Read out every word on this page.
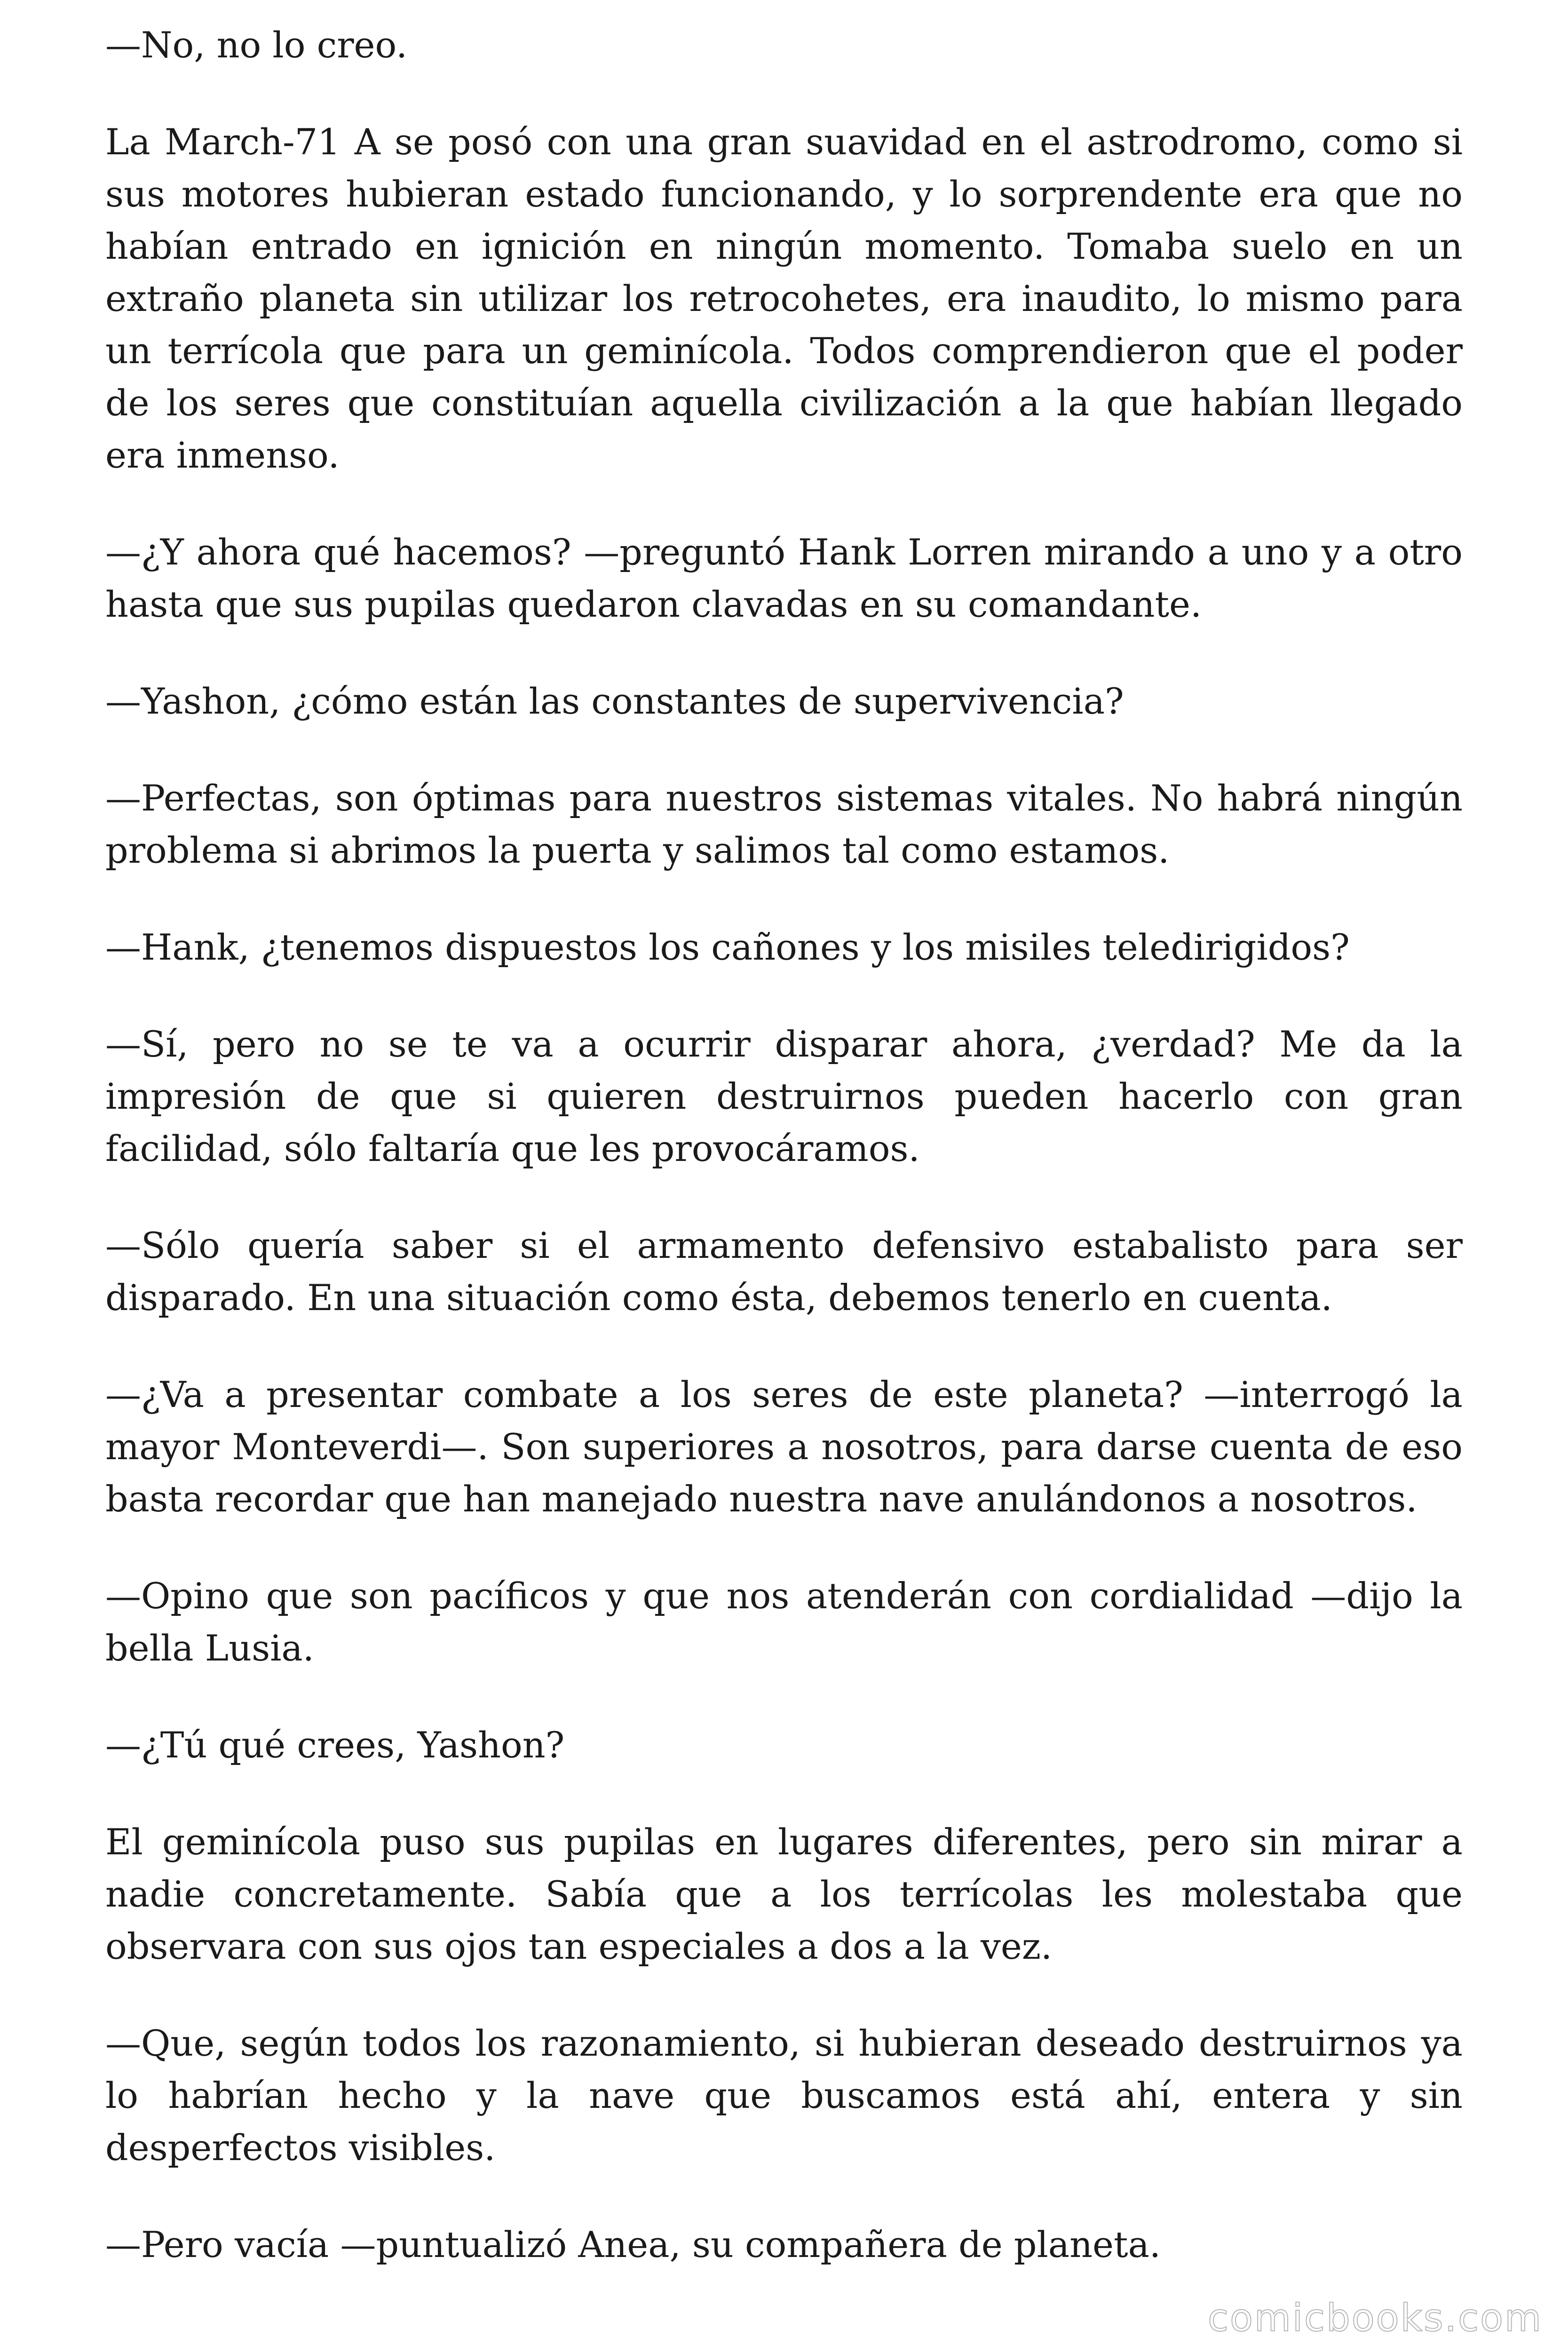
—No, no lo creo.

La March-71 A se posó con una gran suavidad en el astrodromo, como si sus motores hubieran estado funcionando, y lo sorprendente era que no habían entrado en ignición en ningún momento. Tomaba suelo en un extraño planeta sin utilizar los retrocohetes, era inaudito, lo mismo para un terrícola que para un geminícola. Todos comprendieron que el poder de los seres que constituían aquella civilización a la que habían llegado era inmenso.

—¿Y ahora qué hacemos? —preguntó Hank Lorren mirando a uno y a otro hasta que sus pupilas quedaron clavadas en su comandante.

—Yashon, ¿cómo están las constantes de supervivencia?

—Perfectas, son óptimas para nuestros sistemas vitales. No habrá ningún problema si abrimos la puerta y salimos tal como estamos.

—Hank, ¿tenemos dispuestos los cañones y los misiles teledirigidos?

—Sí, pero no se te va a ocurrir disparar ahora, ¿verdad? Me da la impresión de que si quieren destruirnos pueden hacerlo con gran facilidad, sólo faltaría que les provocáramos.

—Sólo quería saber si el armamento defensivo estabalisto para ser disparado. En una situación como ésta, debemos tenerlo en cuenta.

—¿Va a presentar combate a los seres de este planeta? —interrogó la mayor Monteverdi—. Son superiores a nosotros, para darse cuenta de eso basta recordar que han manejado nuestra nave anulándonos a nosotros.

—Opino que son pacíficos y que nos atenderán con cordialidad —dijo la bella Lusia.

—¿Tú qué crees, Yashon?

El geminícola puso sus pupilas en lugares diferentes, pero sin mirar a nadie concretamente. Sabía que a los terrícolas les molestaba que observara con sus ojos tan especiales a dos a la vez.

—Que, según todos los razonamiento, si hubieran deseado destruirnos ya lo habrían hecho y la nave que buscamos está ahí, entera y sin desperfectos visibles.

—Pero vacía —puntualizó Anea, su compañera de planeta.

comicbooks.com
